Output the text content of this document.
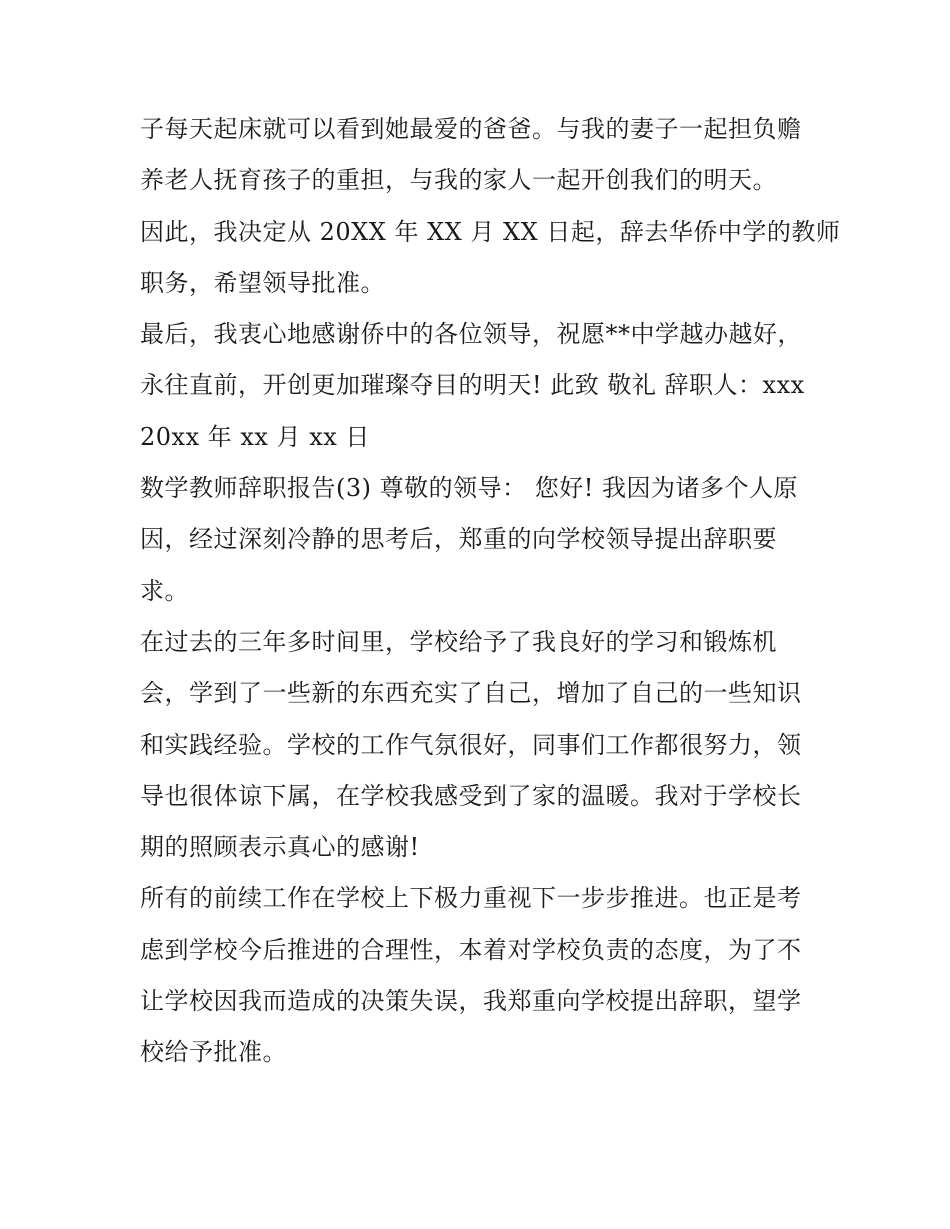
子每天起床就可以看到她最爱的爸爸。与我的妻子一起担负赡
养老人抚育孩子的重担，与我的家人一起开创我们的明天。
因此，我决定从 20XX 年 XX 月 XX 日起，辞去华侨中学的教师
职务，希望领导批准。
最后，我衷心地感谢侨中的各位领导，祝愿**中学越办越好，
永往直前，开创更加璀璨夺目的明天! 此致 敬礼 辞职人：xxx
20xx 年 xx 月 xx 日
数学教师辞职报告(3) 尊敬的领导： 您好! 我因为诸多个人原
因，经过深刻冷静的思考后，郑重的向学校领导提出辞职要
求。
在过去的三年多时间里，学校给予了我良好的学习和锻炼机
会，学到了一些新的东西充实了自己，增加了自己的一些知识
和实践经验。学校的工作气氛很好，同事们工作都很努力，领
导也很体谅下属，在学校我感受到了家的温暖。我对于学校长
期的照顾表示真心的感谢!
所有的前续工作在学校上下极力重视下一步步推进。也正是考
虑到学校今后推进的合理性，本着对学校负责的态度，为了不
让学校因我而造成的决策失误，我郑重向学校提出辞职，望学
校给予批准。
